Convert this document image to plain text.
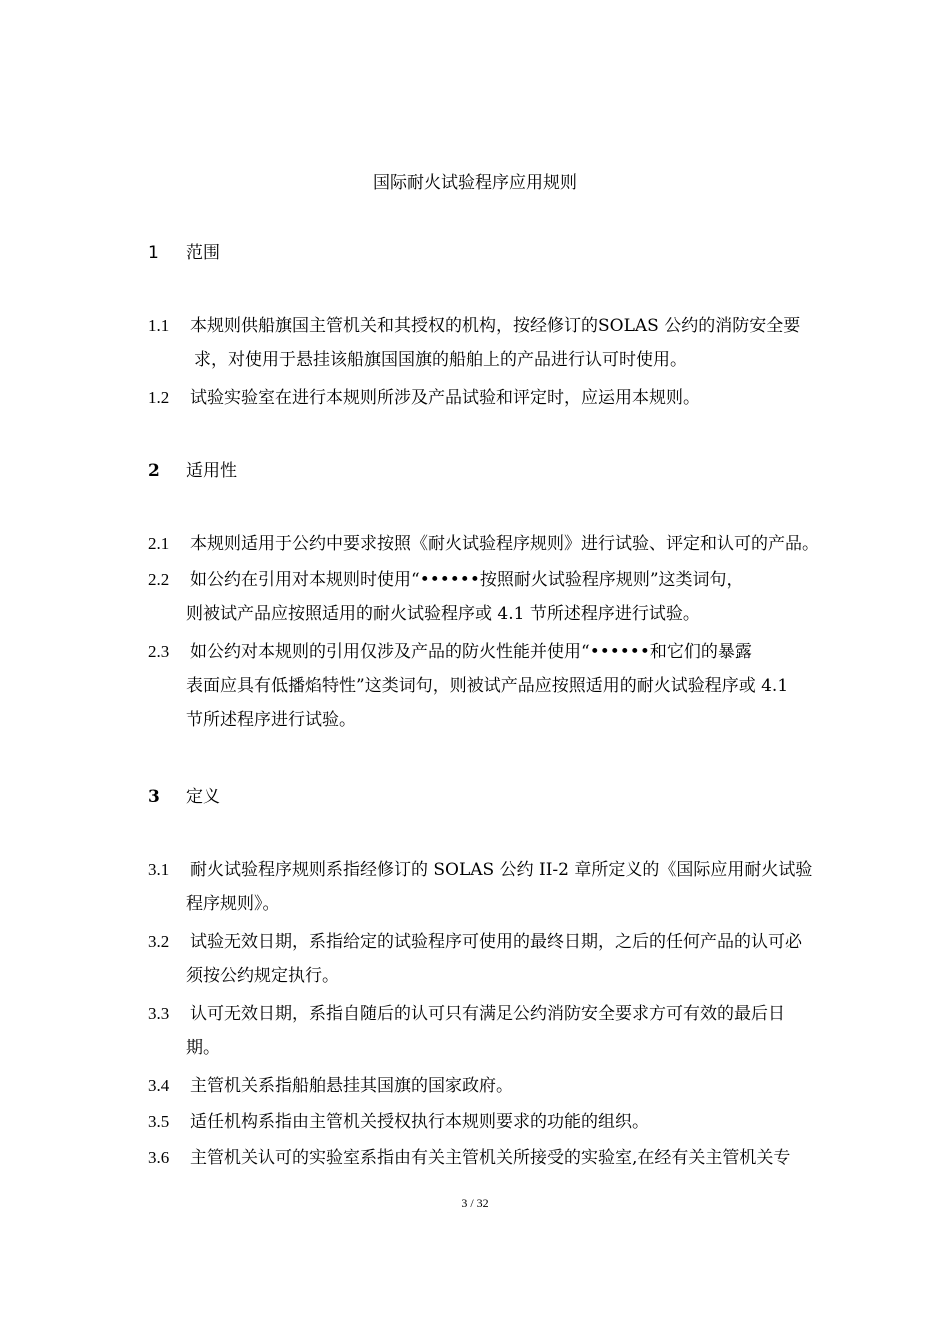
国际耐火试验程序应用规则
1 范围
1.1	本规则供船旗国主管机关和其授权的机构，按经修订的SOLAS 公约的消防安全要
求，对使用于悬挂该船旗国国旗的船舶上的产品进行认可时使用。
1.2	试验实验室在进行本规则所涉及产品试验和评定时，应运用本规则。
2 适用性
2.1	本规则适用于公约中要求按照《耐火试验程序规则》进行试验、评定和认可的产品。
2.2	如公约在引用对本规则时使用“••••••按照耐火试验程序规则”这类词句，
则被试产品应按照适用的耐火试验程序或 4.1 节所述程序进行试验。
2.3	如公约对本规则的引用仅涉及产品的防火性能并使用“••••••和它们的暴露
表面应具有低播焰特性”这类词句，则被试产品应按照适用的耐火试验程序或 4.1
节所述程序进行试验。
3 定义
3.1	耐火试验程序规则系指经修订的 SOLAS 公约 II-2 章所定义的《国际应用耐火试验
程序规则》。
3.2	试验无效日期，系指给定的试验程序可使用的最终日期，之后的任何产品的认可必
须按公约规定执行。
3.3	认可无效日期，系指自随后的认可只有满足公约消防安全要求方可有效的最后日
期。
3.4	主管机关系指船舶悬挂其国旗的国家政府。
3.5	适任机构系指由主管机关授权执行本规则要求的功能的组织。
3.6	主管机关认可的实验室系指由有关主管机关所接受的实验室,在经有关主管机关专
3 / 32
